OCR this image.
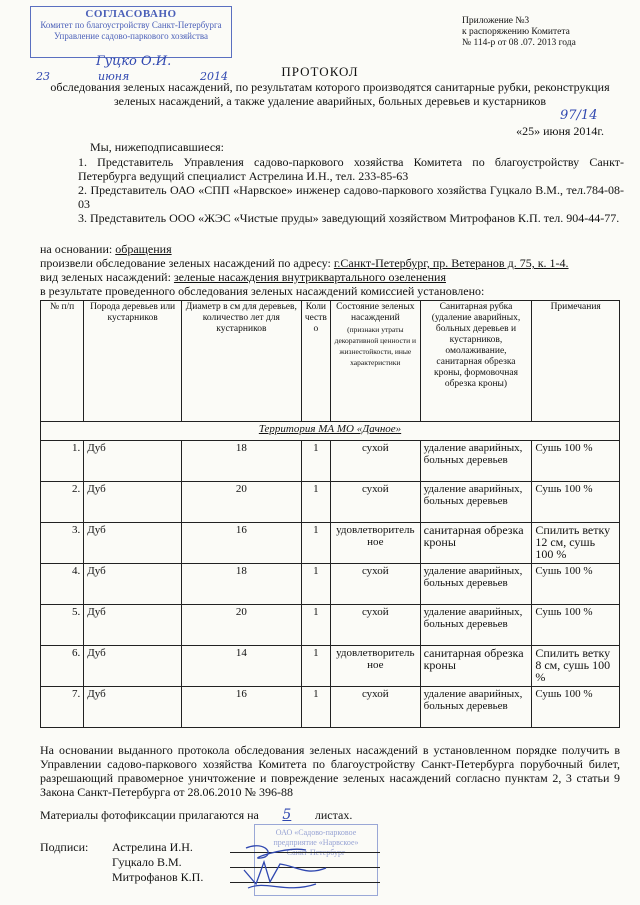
СОГЛАСОВАНО
Комитет по благоустройству Санкт-Петербурга
Управление садово-паркового хозяйства
Гуцко О.И.
23	июня	2014
Приложение №3
к распоряжению Комитета
№ 114-р от 08 .07. 2013 года
97/14
ПРОТОКОЛ
обследования зеленых насаждений, по результатам которого производятся санитарные рубки, реконструкция зеленых насаждений, а также удаление аварийных, больных деревьев и кустарников
«25» июня 2014г.
Мы, нижеподписавшиеся:
1. Представитель Управления садово-паркового хозяйства Комитета по благоустройству Санкт-Петербурга ведущий специалист Астрелина И.Н., тел. 233-85-63
2. Представитель ОАО «СПП «Нарвское» инженер садово-паркового хозяйства Гуцкало В.М., тел.784-08-03
3. Представитель ООО «ЖЭС «Чистые пруды» заведующий хозяйством Митрофанов К.П. тел. 904-44-77.
на основании: обращения
произвели обследование зеленых насаждений по адресу: г.Санкт-Петербург, пр. Ветеранов д. 75, к. 1-4.
вид зеленых насаждений: зеленые насаждения внутриквартального озеленения
в результате проведенного обследования зеленых насаждений комиссией установлено:
№ п/п	Порода деревьев или кустарников	Диаметр в см для деревьев, количество лет для кустарников	Коли честв о	Состояние зеленых насаждений
(признаки утраты декоративной ценности и жизнестойкости, иные характеристики	Санитарная рубка (удаление аварийных, больных деревьев и кустарников, омолаживание, санитарная обрезка кроны, формовочная обрезка кроны)	Примечания
Территория МА МО «Дачное»						
1.	Дуб	18	1	сухой	удаление аварийных, больных деревьев	Сушь 100 %
2.	Дуб	20	1	сухой	удаление аварийных, больных деревьев	Сушь 100 %
3.	Дуб	16	1	удовлетворитель ное	санитарная обрезка кроны	Спилить ветку 12 см, сушь 100 %
4.	Дуб	18	1	сухой	удаление аварийных, больных деревьев	Сушь 100 %
5.	Дуб	20	1	сухой	удаление аварийных, больных деревьев	Сушь 100 %
6.	Дуб	14	1	удовлетворитель ное	санитарная обрезка кроны	Спилить ветку 8 см, сушь 100 %
7.	Дуб	16	1	сухой	удаление аварийных, больных деревьев	Сушь 100 %
На основании выданного протокола обследования зеленых насаждений в установленном порядке получить в Управлении садово-паркового хозяйства Комитета по благоустройству Санкт-Петербурга порубочный билет, разрешающий правомерное уничтожение и повреждение зеленых насаждений согласно пунктам 2, 3 статьи 9 Закона Санкт-Петербурга от 28.06.2010 № 396-88
Материалы фотофиксации прилагаются на 5 листах.
ОАО «Садово-парковое
предприятие «Нарвское»
Санкт-Петербург
Подписи: Астрелина И.Н.
Гуцкало В.М.
Митрофанов К.П.
